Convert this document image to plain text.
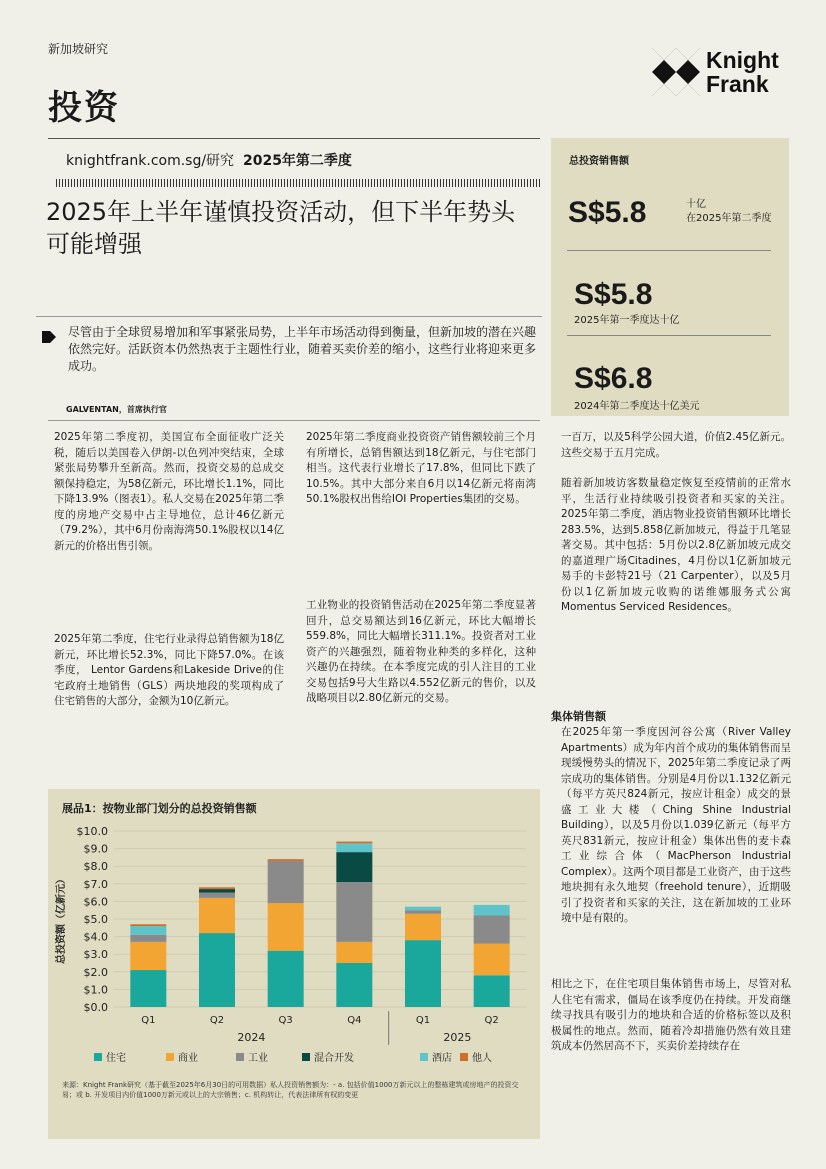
新加坡研究
投资
Knight
Frank
knightfrank.com.sg/研究 2025年第二季度
2025年上半年谨慎投资活动，但下半年势头可能增强
总投资销售额
S$5.8	十亿
在2025年第二季度
S$5.8
2025年第一季度达十亿
S$6.8
2024年第二季度达十亿美元
尽管由于全球贸易增加和军事紧张局势，上半年市场活动得到衡量，但新加坡的潜在兴趣依然完好。活跃资本仍然热衷于主题性行业，随着买卖价差的缩小，这些行业将迎来更多成功。
GALVENTAN，首席执行官
2025年第二季度初，美国宣布全面征收广泛关税，随后以美国卷入伊朗-以色列冲突结束，全球紧张局势攀升至新高。然而，投资交易的总成交额保持稳定，为58亿新元，环比增长1.1%，同比下降13.9%（图表1）。私人交易在2025年第二季度的房地产交易中占主导地位，总计46亿新元（79.2%），其中6月份南海湾50.1%股权以14亿新元的价格出售引领。
2025年第二季度，住宅行业录得总销售额为18亿新元，环比增长52.3%，同比下降57.0%。在该季度， Lentor Gardens和Lakeside Drive的住宅政府土地销售（GLS）两块地段的奖项构成了住宅销售的大部分，金额为10亿新元。
2025年第二季度商业投资资产销售额较前三个月有所增长，总销售额达到18亿新元，与住宅部门相当。这代表行业增长了17.8%，但同比下跌了10.5%。其中大部分来自6月以14亿新元将南湾50.1%股权出售给IOI Properties集团的交易。
工业物业的投资销售活动在2025年第二季度显著回升，总交易额达到16亿新元，环比大幅增长559.8%，同比大幅增长311.1%。投资者对工业资产的兴趣强烈，随着物业种类的多样化，这种兴趣仍在持续。在本季度完成的引人注目的工业交易包括9号大生路以4.552亿新元的售价，以及战略项目以2.80亿新元的交易。
一百万，以及5科学公园大道，价值2.45亿新元。这些交易于五月完成。
随着新加坡访客数量稳定恢复至疫情前的正常水平，生活行业持续吸引投资者和买家的关注。2025年第二季度，酒店物业投资销售额环比增长283.5%，达到5.858亿新加坡元，得益于几笔显著交易。其中包括：5月份以2.8亿新加坡元成交的嘉道理广场Citadines，4月份以1亿新加坡元易手的卡彭特21号（21 Carpenter），以及5月份以1亿新加坡元收购的诺维娜服务式公寓Momentus Serviced Residences。
集体销售额
在2025年第一季度因河谷公寓（River Valley Apartments）成为年内首个成功的集体销售而呈现缓慢势头的情况下，2025年第二季度记录了两宗成功的集体销售。分别是4月份以1.132亿新元（每平方英尺824新元，按应计租金）成交的景盛工业大楼（Ching Shine Industrial Building），以及5月份以1.039亿新元（每平方英尺831新元，按应计租金）集体出售的麦卡森工业综合体（MacPherson Industrial Complex）。这两个项目都是工业资产，由于这些地块拥有永久地契（freehold tenure），近期吸引了投资者和买家的关注，这在新加坡的工业环境中是有限的。
相比之下，在住宅项目集体销售市场上，尽管对私人住宅有需求，僵局在该季度仍在持续。开发商继续寻找具有吸引力的地块和合适的价格标签以及积极属性的地点。然而，随着冷却措施仍然有效且建筑成本仍然居高不下，买卖价差持续存在
展品1：按物业部门划分的总投资销售额
$0.0
$1.0
$2.0
$3.0
$4.0
$5.0
$6.0
$7.0
$8.0
$9.0
$10.0
总投资额（亿新元）
Q1	Q2	Q3	Q4	Q1	Q2
2024	2025
住宅	商业	工业	混合开发	酒店 他人
来源：Knight Frank研究（基于截至2025年6月30日的可用数据）私人投资销售额为：- a. 包括价值1000万新元以上的整栋建筑或房地产的投资交易；或 b. 开发项目内价值1000万新元或以上的大宗销售；c. 机构转让，代表法律所有权的变更
